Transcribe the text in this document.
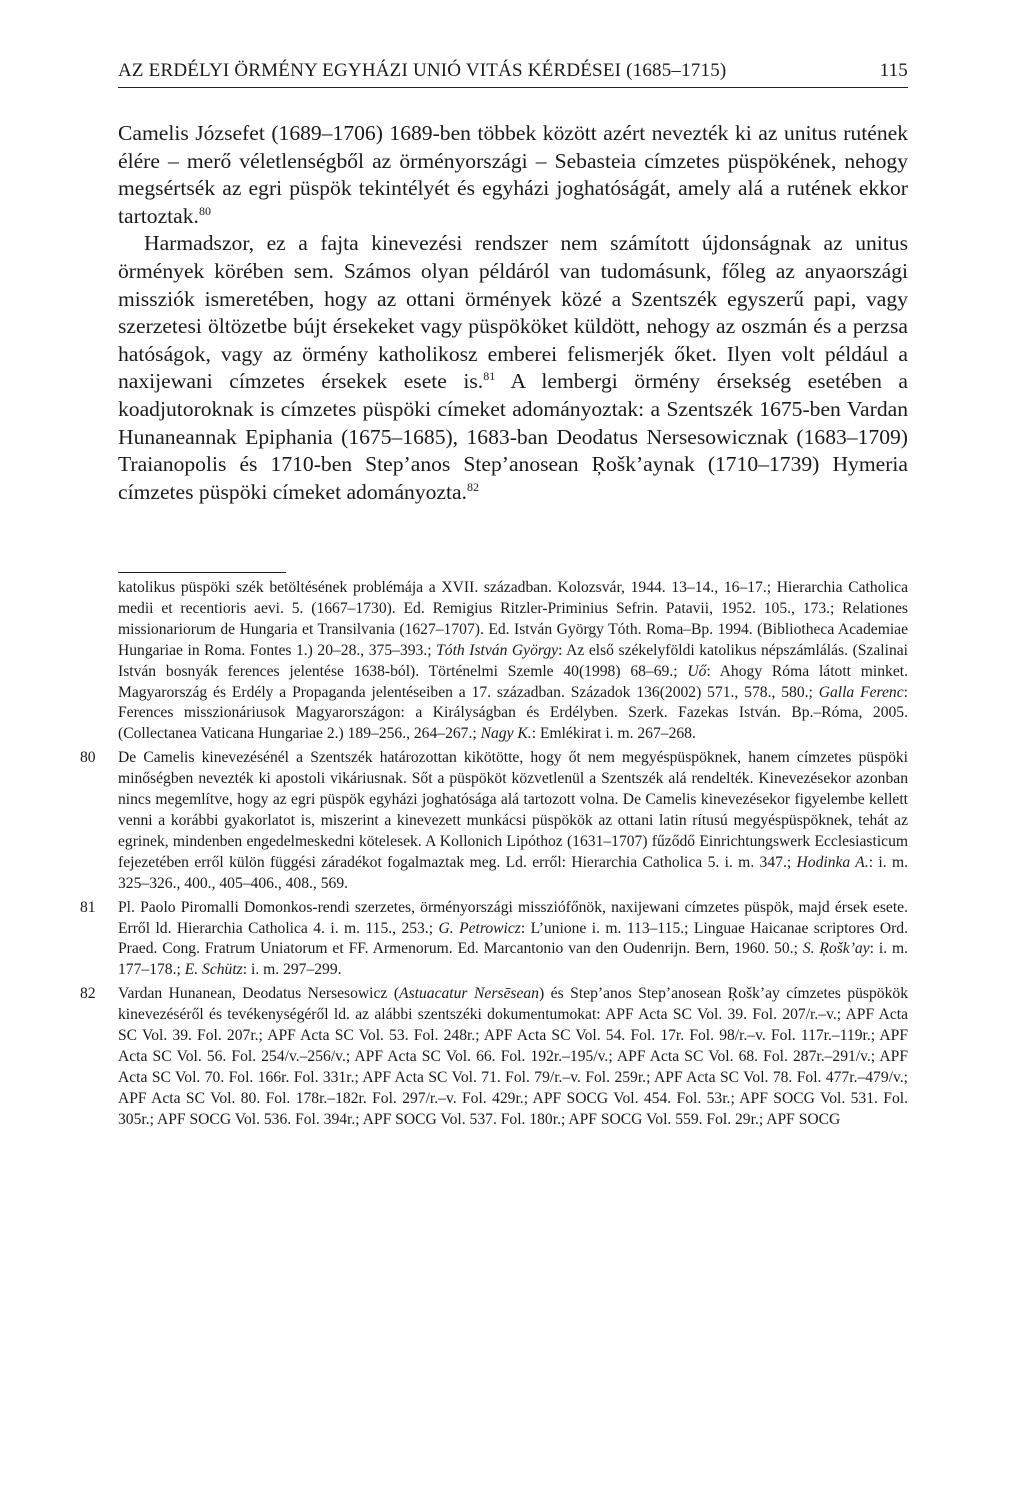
AZ ERDÉLYI ÖRMÉNY EGYHÁZI UNIÓ VITÁS KÉRDÉSEI (1685–1715)	115

Camelis Józsefet (1689–1706) 1689-ben többek között azért nevezték ki az unitus rutének élére – merő véletlenségből az örményországi – Sebasteia címzetes püspökének, nehogy megsértsék az egri püspök tekintélyét és egyházi joghatóságát, amely alá a rutének ekkor tartoztak.$^{80}$

Harmadszor, ez a fajta kinevezési rendszer nem számított újdonságnak az unitus örmények körében sem. Számos olyan példáról van tudomásunk, főleg az anyaországi missziók ismeretében, hogy az ottani örmények közé a Szentszék egyszerű papi, vagy szerzetesi öltözetbe bújt érsekeket vagy püspököket küldött, nehogy az oszmán és a perzsa hatóságok, vagy az örmény katholikosz emberei felismerjék őket. Ilyen volt például a naxijewani címzetes érsekek esete is.$^{81}$ A lembergi örmény érsekség esetében a koadjutoroknak is címzetes püspöki címeket adományoztak: a Szentszék 1675-ben Vardan Hunaneannak Epiphania (1675–1685), 1683-ban Deodatus Nersesowicznak (1683–1709) Traianopolis és 1710-ben Step’anos Step’anosean Ŗošk’aynak (1710–1739) Hymeria címzetes püspöki címeket adományozta.$^{82}$

katolikus püspöki szék betöltésének problémája a XVII. században. Kolozsvár, 1944. 13–14., 16–17.; Hierarchia Catholica medii et recentioris aevi. 5. (1667–1730). Ed. Remigius Ritzler-Priminius Sefrin. Patavii, 1952. 105., 173.; Relationes missionariorum de Hungaria et Transilvania (1627–1707). Ed. István György Tóth. Roma–Bp. 1994. (Bibliotheca Academiae Hungariae in Roma. Fontes 1.) 20–28., 375–393.; Tóth István György: Az első székelyföldi katolikus népszámlálás. (Szalinai István bosnyák ferences jelentése 1638-ból). Történelmi Szemle 40(1998) 68–69.; Uő: Ahogy Róma látott minket. Magyarország és Erdély a Propaganda jelentéseiben a 17. században. Századok 136(2002) 571., 578., 580.; Galla Ferenc: Ferences misszionáriusok Magyarországon: a Királyságban és Erdélyben. Szerk. Fazekas István. Bp.–Róma, 2005. (Collectanea Vaticana Hungariae 2.) 189–256., 264–267.; Nagy K.: Emlékirat i. m. 267–268.
80	De Camelis kinevezésénél a Szentszék határozottan kikötötte, hogy őt nem megyéspüspöknek, hanem címzetes püspöki minőségben nevezték ki apostoli vikáriusnak. Sőt a püspököt közvetlenül a Szentszék alá rendelték. Kinevezésekor azonban nincs megemlítve, hogy az egri püspök egyházi joghatósága alá tartozott volna. De Camelis kinevezésekor figyelembe kellett venni a korábbi gyakorlatot is, miszerint a kinevezett munkácsi püspökök az ottani latin rítusú megyéspüspöknek, tehát az egrinek, mindenben engedelmeskedni kötelesek. A Kollonich Lipóthoz (1631–1707) fűződő Einrichtungswerk Ecclesiasticum fejezetében erről külön függési záradékot fogalmaztak meg. Ld. erről: Hierarchia Catholica 5. i. m. 347.; Hodinka A.: i. m. 325–326., 400., 405–406., 408., 569.
81	Pl. Paolo Piromalli Domonkos-rendi szerzetes, örményországi missziófőnök, naxijewani címzetes püspök, majd érsek esete. Erről ld. Hierarchia Catholica 4. i. m. 115., 253.; G. Petrowicz: L’unione i. m. 113–115.; Linguae Haicanae scriptores Ord. Praed. Cong. Fratrum Uniatorum et FF. Armenorum. Ed. Marcantonio van den Oudenrijn. Bern, 1960. 50.; S. Ŗošk’ay: i. m. 177–178.; E. Schütz: i. m. 297–299.
82	Vardan Hunanean, Deodatus Nersesowicz (Astuacatur Nersēsean) és Step’anos Step’anosean Ŗošk’ay címzetes püspökök kinevezéséről és tevékenységéről ld. az alábbi szentszéki dokumentumokat: APF Acta SC Vol. 39. Fol. 207/r.–v.; APF Acta SC Vol. 39. Fol. 207r.; APF Acta SC Vol. 53. Fol. 248r.; APF Acta SC Vol. 54. Fol. 17r. Fol. 98/r.–v. Fol. 117r.–119r.; APF Acta SC Vol. 56. Fol. 254/v.–256/v.; APF Acta SC Vol. 66. Fol. 192r.–195/v.; APF Acta SC Vol. 68. Fol. 287r.–291/v.; APF Acta SC Vol. 70. Fol. 166r. Fol. 331r.; APF Acta SC Vol. 71. Fol. 79/r.–v. Fol. 259r.; APF Acta SC Vol. 78. Fol. 477r.–479/v.; APF Acta SC Vol. 80. Fol. 178r.–182r. Fol. 297/r.–v. Fol. 429r.; APF SOCG Vol. 454. Fol. 53r.; APF SOCG Vol. 531. Fol. 305r.; APF SOCG Vol. 536. Fol. 394r.; APF SOCG Vol. 537. Fol. 180r.; APF SOCG Vol. 559. Fol. 29r.; APF SOCG
